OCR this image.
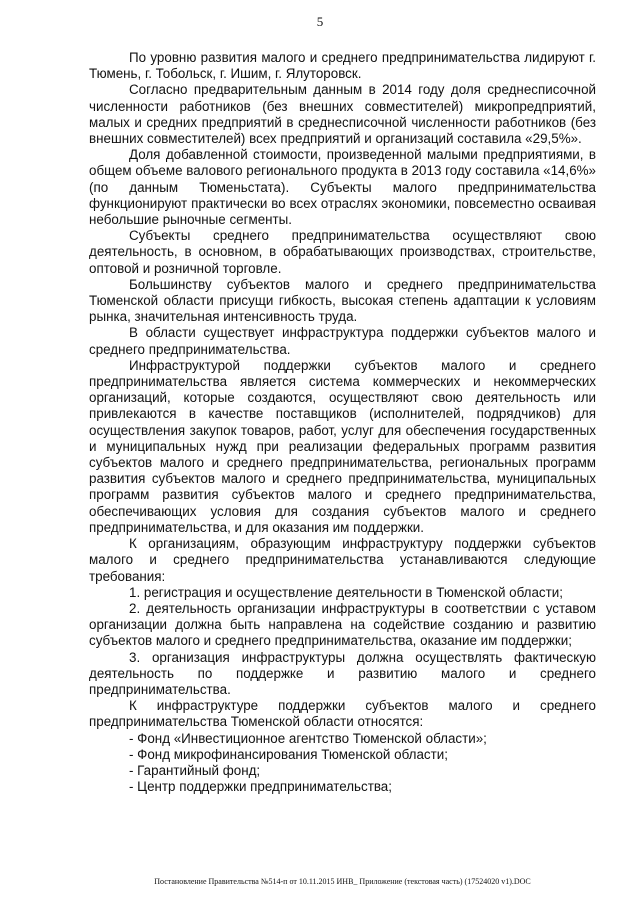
5

По уровню развития малого и среднего предпринимательства лидируют г. Тюмень, г. Тобольск, г. Ишим, г. Ялуторовск.

Согласно предварительным данным в 2014 году доля среднесписочной численности работников (без внешних совместителей) микропредприятий, малых и средних предприятий в среднесписочной численности работников (без внешних совместителей) всех предприятий и организаций составила «29,5%».

Доля добавленной стоимости, произведенной малыми предприятиями, в общем объеме валового регионального продукта в 2013 году составила «14,6%» (по данным Тюменьстата). Субъекты малого предпринимательства функционируют практически во всех отраслях экономики, повсеместно осваивая небольшие рыночные сегменты.

Субъекты среднего предпринимательства осуществляют свою деятельность, в основном, в обрабатывающих производствах, строительстве, оптовой и розничной торговле.

Большинству субъектов малого и среднего предпринимательства Тюменской области присущи гибкость, высокая степень адаптации к условиям рынка, значительная интенсивность труда.

В области существует инфраструктура поддержки субъектов малого и среднего предпринимательства.

Инфраструктурой поддержки субъектов малого и среднего предпринимательства является система коммерческих и некоммерческих организаций, которые создаются, осуществляют свою деятельность или привлекаются в качестве поставщиков (исполнителей, подрядчиков) для осуществления закупок товаров, работ, услуг для обеспечения государственных и муниципальных нужд при реализации федеральных программ развития субъектов малого и среднего предпринимательства, региональных программ развития субъектов малого и среднего предпринимательства, муниципальных программ развития субъектов малого и среднего предпринимательства, обеспечивающих условия для создания субъектов малого и среднего предпринимательства, и для оказания им поддержки.

К организациям, образующим инфраструктуру поддержки субъектов малого и среднего предпринимательства устанавливаются следующие требования:

1. регистрация и осуществление деятельности в Тюменской области;

2. деятельность организации инфраструктуры в соответствии с уставом организации должна быть направлена на содействие созданию и развитию субъектов малого и среднего предпринимательства, оказание им поддержки;

3. организация инфраструктуры должна осуществлять фактическую деятельность по поддержке и развитию малого и среднего предпринимательства.

К инфраструктуре поддержки субъектов малого и среднего предпринимательства Тюменской области относятся:

- Фонд «Инвестиционное агентство Тюменской области»;

- Фонд микрофинансирования Тюменской области;

- Гарантийный фонд;

- Центр поддержки предпринимательства;

Постановление Правительства №514-п от 10.11.2015 ИНВ_ Приложение (текстовая часть) (17524020 v1).DOC
